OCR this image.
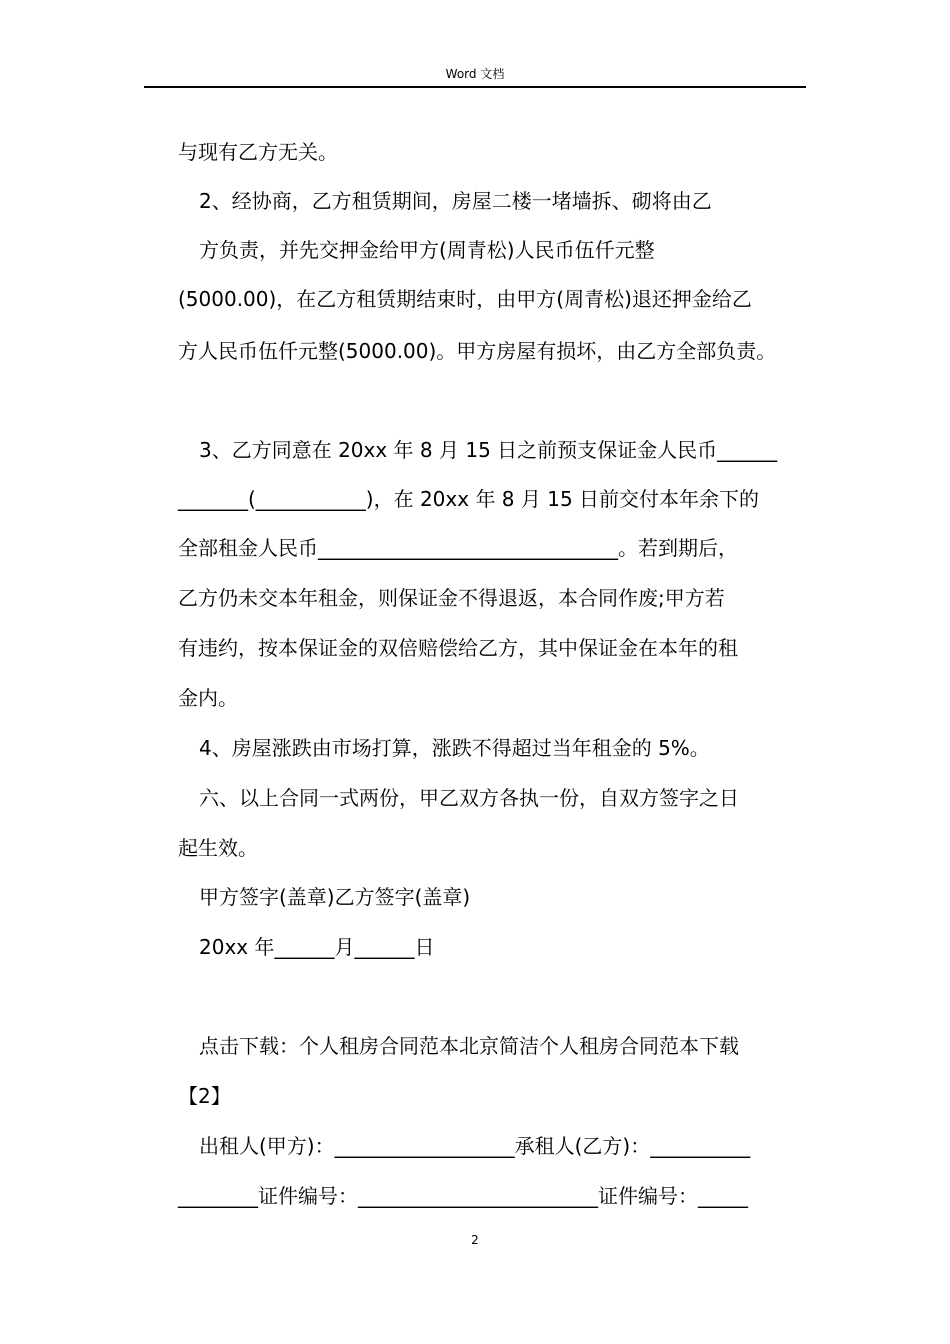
Word 文档
与现有乙方无关。
2、经协商，乙方租赁期间，房屋二楼一堵墙拆、砌将由乙
方负责，并先交押金给甲方(周青松)人民币伍仟元整
(5000.00)，在乙方租赁期结束时，由甲方(周青松)退还押金给乙
方人民币伍仟元整(5000.00)。甲方房屋有损坏，由乙方全部负责。
3、乙方同意在 20xx 年 8 月 15 日之前预支保证金人民币______
_______(___________)，在 20xx 年 8 月 15 日前交付本年余下的
全部租金人民币______________________________。若到期后，
乙方仍未交本年租金，则保证金不得退返，本合同作废;甲方若
有违约，按本保证金的双倍赔偿给乙方，其中保证金在本年的租
金内。
4、房屋涨跌由市场打算，涨跌不得超过当年租金的 5%。
六、以上合同一式两份，甲乙双方各执一份，自双方签字之日
起生效。
甲方签字(盖章)乙方签字(盖章)
20xx 年______月______日
点击下载：个人租房合同范本北京简洁个人租房合同范本下载
【2】
出租人(甲方)：__________________承租人(乙方)：__________
________证件编号：________________________证件编号：_____
2
